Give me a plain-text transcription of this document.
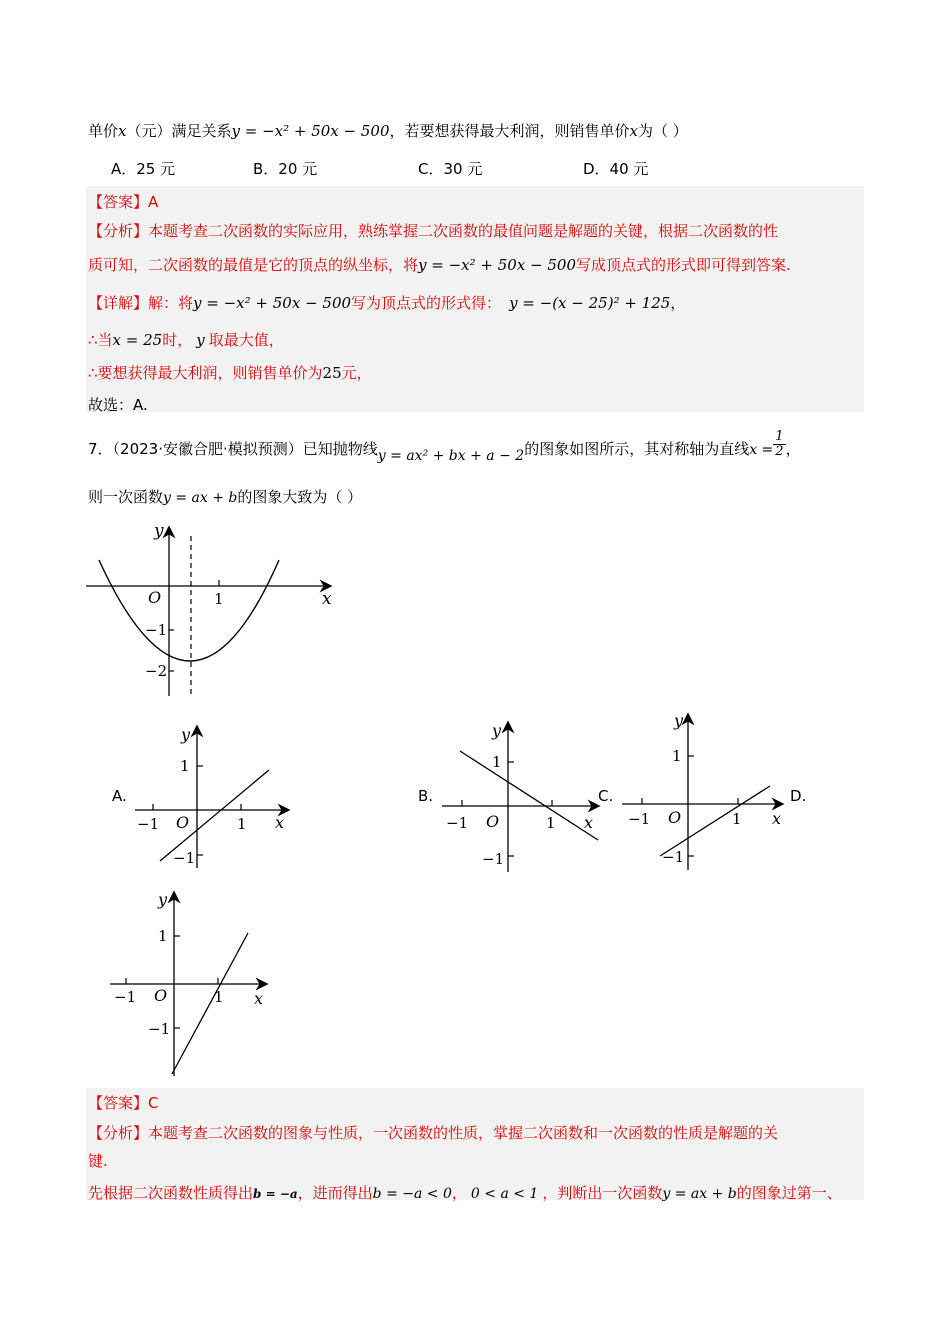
单价x（元）满足关系y = −x² + 50x − 500，若要想获得最大利润，则销售单价x为（ ）
A．25 元	B．20 元	C．30 元	D．40 元
【答案】A
【分析】本题考查二次函数的实际应用，熟练掌握二次函数的最值问题是解题的关键，根据二次函数的性
质可知，二次函数的最值是它的顶点的纵坐标，将y = −x² + 50x − 500写成顶点式的形式即可得到答案.
【详解】解：将y = −x² + 50x − 500写为顶点式的形式得： y = −(x − 25)² + 125，
∴当x = 25时， y 取最大值，
∴要想获得最大利润，则销售单价为25元，
故选：A.
7．（2023·安徽合肥·模拟预测）已知抛物线y = ax² + bx + a − 2的图象如图所示，其对称轴为直线$x = \frac{1}{2}$ ，
则一次函数y = ax + b的图象大致为（ ）
x
y
O	1
−1
−2
A.
y
x
O
−1	1
1
−1
B.
y
x
O
−1	1
1
−1
C.
y
x
O
−1	1
1
−1
D.
y
x
O
−1	1
1
−1
【答案】C
【分析】本题考查二次函数的图象与性质，一次函数的性质，掌握二次函数和一次函数的性质是解题的关
键.
先根据二次函数性质得出b = −a，进而得出b = −a < 0， 0 < a < 1 ，判断出一次函数y = ax + b的图象过第一、
